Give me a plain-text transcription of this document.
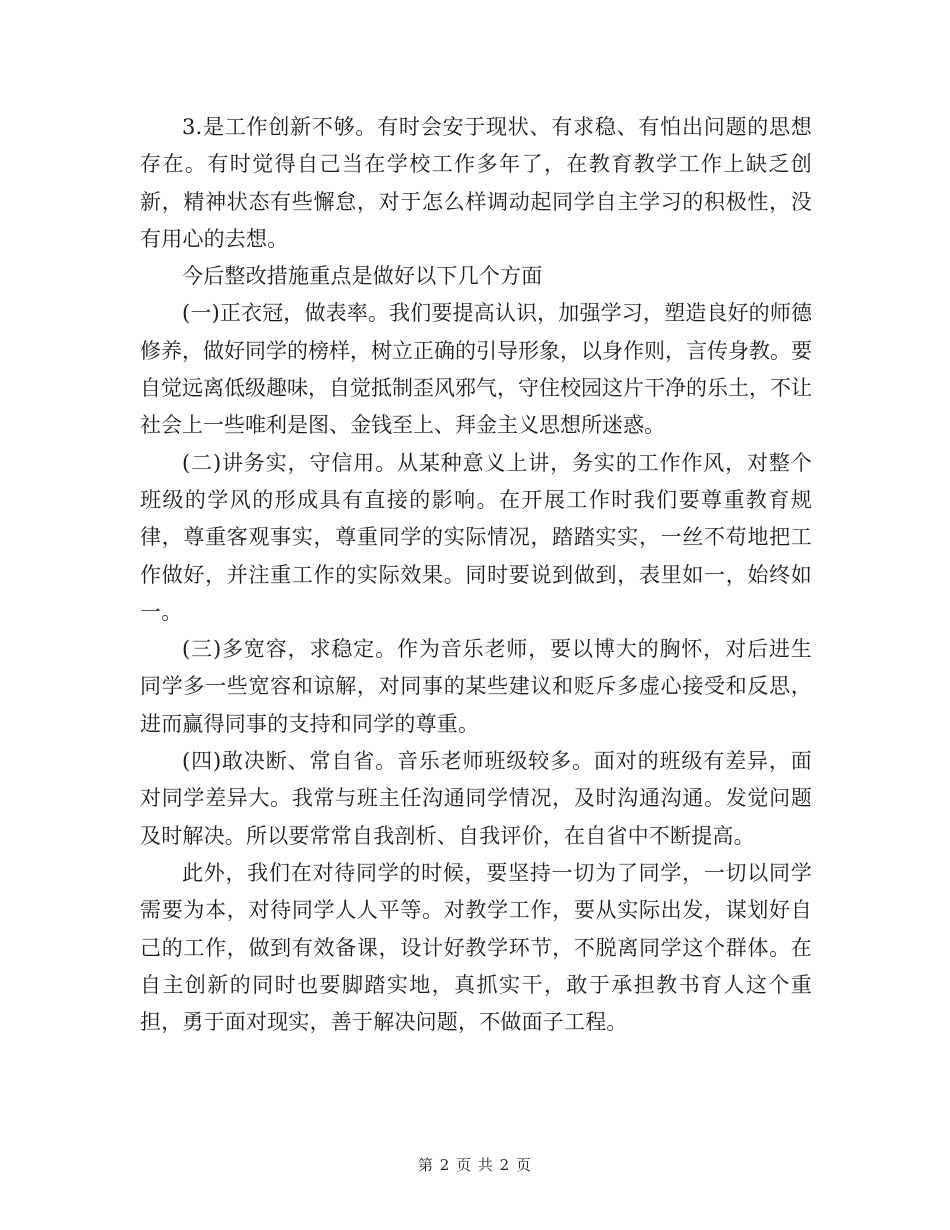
3.是工作创新不够。有时会安于现状、有求稳、有怕出问题的思想存在。有时觉得自己当在学校工作多年了，在教育教学工作上缺乏创新，精神状态有些懈怠，对于怎么样调动起同学自主学习的积极性，没有用心的去想。

今后整改措施重点是做好以下几个方面

(一)正衣冠，做表率。我们要提高认识，加强学习，塑造良好的师德修养，做好同学的榜样，树立正确的引导形象，以身作则，言传身教。要自觉远离低级趣味，自觉抵制歪风邪气，守住校园这片干净的乐土，不让社会上一些唯利是图、金钱至上、拜金主义思想所迷惑。

(二)讲务实，守信用。从某种意义上讲，务实的工作作风，对整个班级的学风的形成具有直接的影响。在开展工作时我们要尊重教育规律，尊重客观事实，尊重同学的实际情况，踏踏实实，一丝不苟地把工作做好，并注重工作的实际效果。同时要说到做到，表里如一，始终如一。

(三)多宽容，求稳定。作为音乐老师，要以博大的胸怀，对后进生同学多一些宽容和谅解，对同事的某些建议和贬斥多虚心接受和反思，进而赢得同事的支持和同学的尊重。

(四)敢决断、常自省。音乐老师班级较多。面对的班级有差异，面对同学差异大。我常与班主任沟通同学情况，及时沟通沟通。发觉问题及时解决。所以要常常自我剖析、自我评价，在自省中不断提高。

此外，我们在对待同学的时候，要坚持一切为了同学，一切以同学需要为本，对待同学人人平等。对教学工作，要从实际出发，谋划好自己的工作，做到有效备课，设计好教学环节，不脱离同学这个群体。在自主创新的同时也要脚踏实地，真抓实干，敢于承担教书育人这个重担，勇于面对现实，善于解决问题，不做面子工程。

第 2 页 共 2 页
